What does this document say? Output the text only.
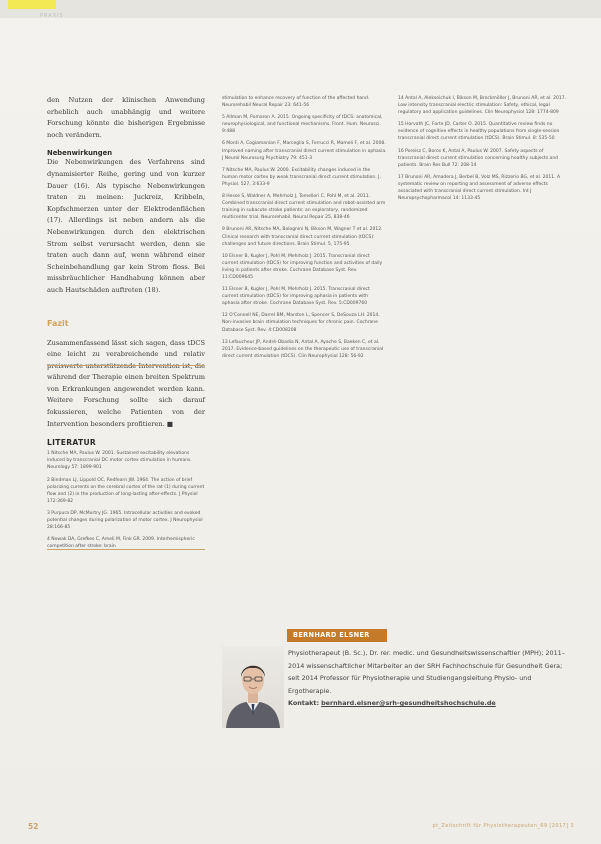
PRAXIS
den Nutzen der klinischen Anwendung erheblich auch unabhängig und weitere Forschung könnte die bisherigen Ergebnisse noch verändern.
Nebenwirkungen
Die Nebenwirkungen des Verfahrens sind dynamisierter Reihe, gering und von kurzer Dauer (16). Als typische Nebenwirkungen traten zu meinen: Juckreiz, Kribbeln, Kopfschmerzen unter der Elektrodenflächen (17). Allerdings ist neben andern als die Nebenwirkungen durch den elektrischen Strom selbst verursacht werden, denn sie traten auch dann auf, wenn während einer Scheinbehandlung gar kein Strom floss. Bei missbräuchlicher Handhabung können aber auch Hautschäden auftreten (18).
Fazit
Zusammenfassend lässt sich sagen, dass tDCS eine leicht zu verabreichende und relativ während der Therapie einen breiten Spektrum von Erkrankungen angewendet werden kann. Weitere Forschung sollte sich darauf fokussieren, welche Patienten von der Intervention besonders profitieren. ■
LITERATUR
1 Nitsche MA, Paulus W. 2001. Sustained excitability elevations induced by transcranial DC motor cortex stimulation in humans. Neurology 57: 1899-901
2 Bindman LJ, Lippold OC, Redfearn JW. 1964. The action of brief polarizing currents on the cerebral cortex of the rat (1) during current flow and (2) in the production of long-lasting after-effects. J Physiol 172:369-82
3 Purpura DP, McMurtry JG. 1965. Intracellular activities and evoked potential changes during polarization of motor cortex. J Neurophysiol 28:166-85
4 Nowak DA, Grefkes C, Ameli M, Fink GR. 2009. Interhemispheric competition after stroke: brain
stimulation to enhance recovery of function of the affected hand. Neurorehabil Neural Repair 23: 641-56
5 Allman M, Pumaron A. 2015. Ongoing specificity of tDCS: anatomical, neurophysiological, and functional mechanisms. Front. Hum. Neurosci. 9:488
6 Monti A, Cogiamanian F, Marceglia S, Ferrucci R, Mameli F, et al. 2008. Improved naming after transcranial direct current stimulation in aphasia. J Neurol Neurosurg Psychiatry 79: 451-3
7 Nitsche MA, Paulus W. 2000. Excitability changes induced in the human motor cortex by weak transcranial direct current stimulation. J. Physiol. 527, 3:633-9
8 Hesse S, Waldner A, Mehrholz J, Tomelleri C, Pohl M, et al. 2011. Combined transcranial direct current stimulation and robot-assisted arm training in subacute stroke patients: an exploratory, randomized multicenter trial. Neurorehabil. Neural Repair 25, 838-46
9 Brunoni AR, Nitsche MA, Bolognini N, Bikson M, Wagner T et al. 2012. Clinical research with transcranial direct current stimulation (tDCS): challenges and future directions. Brain Stimul. 5, 175-95
10 Elsner B, Kugler J, Pohl M, Mehrholz J. 2015. Transcranial direct current stimulation (tDCS) for improving function and activities of daily living in patients after stroke. Cochrane Database Syst. Rev. 11:CD009645
11 Elsner B, Kugler J, Pohl M, Mehrholz J. 2015. Transcranial direct current stimulation (tDCS) for improving aphasia in patients with aphasia after stroke. Cochrane Database Syst. Rev. 5:CD009760
12 O'Connell NE, Darrel BM, Marston L, Spencer S, DeSouza LH. 2014. Non-invasive brain stimulation techniques for chronic pain. Cochrane Database Syst. Rev. 4:CD008208
13 Lefaucheur JP, André-Obadia N, Antal A, Ayache S, Baeken C, et al. 2017. Evidence-based guidelines on the therapeutic use of transcranial direct current stimulation (tDCS). Clin Neurophysiol 128: 56-92
14 Antal A, Alekseichuk I, Bikson M, Brockmöller J, Brunoni AR, et al. 2017. Low intensity transcranial electric stimulation: Safety, ethical, legal regulatory and application guidelines. Clin Neurophysiol 128: 1774-809
15 Horvath JC, Forte JD, Carter O. 2015. Quantitative review finds no evidence of cognitive effects in healthy populations from single-session transcranial direct current stimulation (tDCS). Brain Stimul. 8: 535-50
16 Poreisz C, Boros K, Antal A, Paulus W. 2007. Safety aspects of transcranial direct current stimulation concerning healthy subjects and patients. Brain Res Bull 72: 208-14
17 Brunoni AR, Amadera J, Berbel B, Volz MS, Rizzerio BG, et al. 2011. A systematic review on reporting and assessment of adverse effects associated with transcranial direct current stimulation. Int J Neuropsychopharmacol 14: 1133-45
BERNHARD ELSNER
Physiotherapeut (B. Sc.), Dr. rer. medic. und Gesundheitswissenschaftler (MPH); 2011–2014 wissenschaftlicher Mitarbeiter an der SRH Fachhochschule für Gesundheit Gera; seit 2014 Professor für Physiotherapie und Studiengangsleitung Physio- und Ergotherapie.
Kontakt: bernhard.elsner@srh-gesundheitshochschule.de
52	pt_Zeitschrift für Physiotherapeuten_69 [2017] 3
